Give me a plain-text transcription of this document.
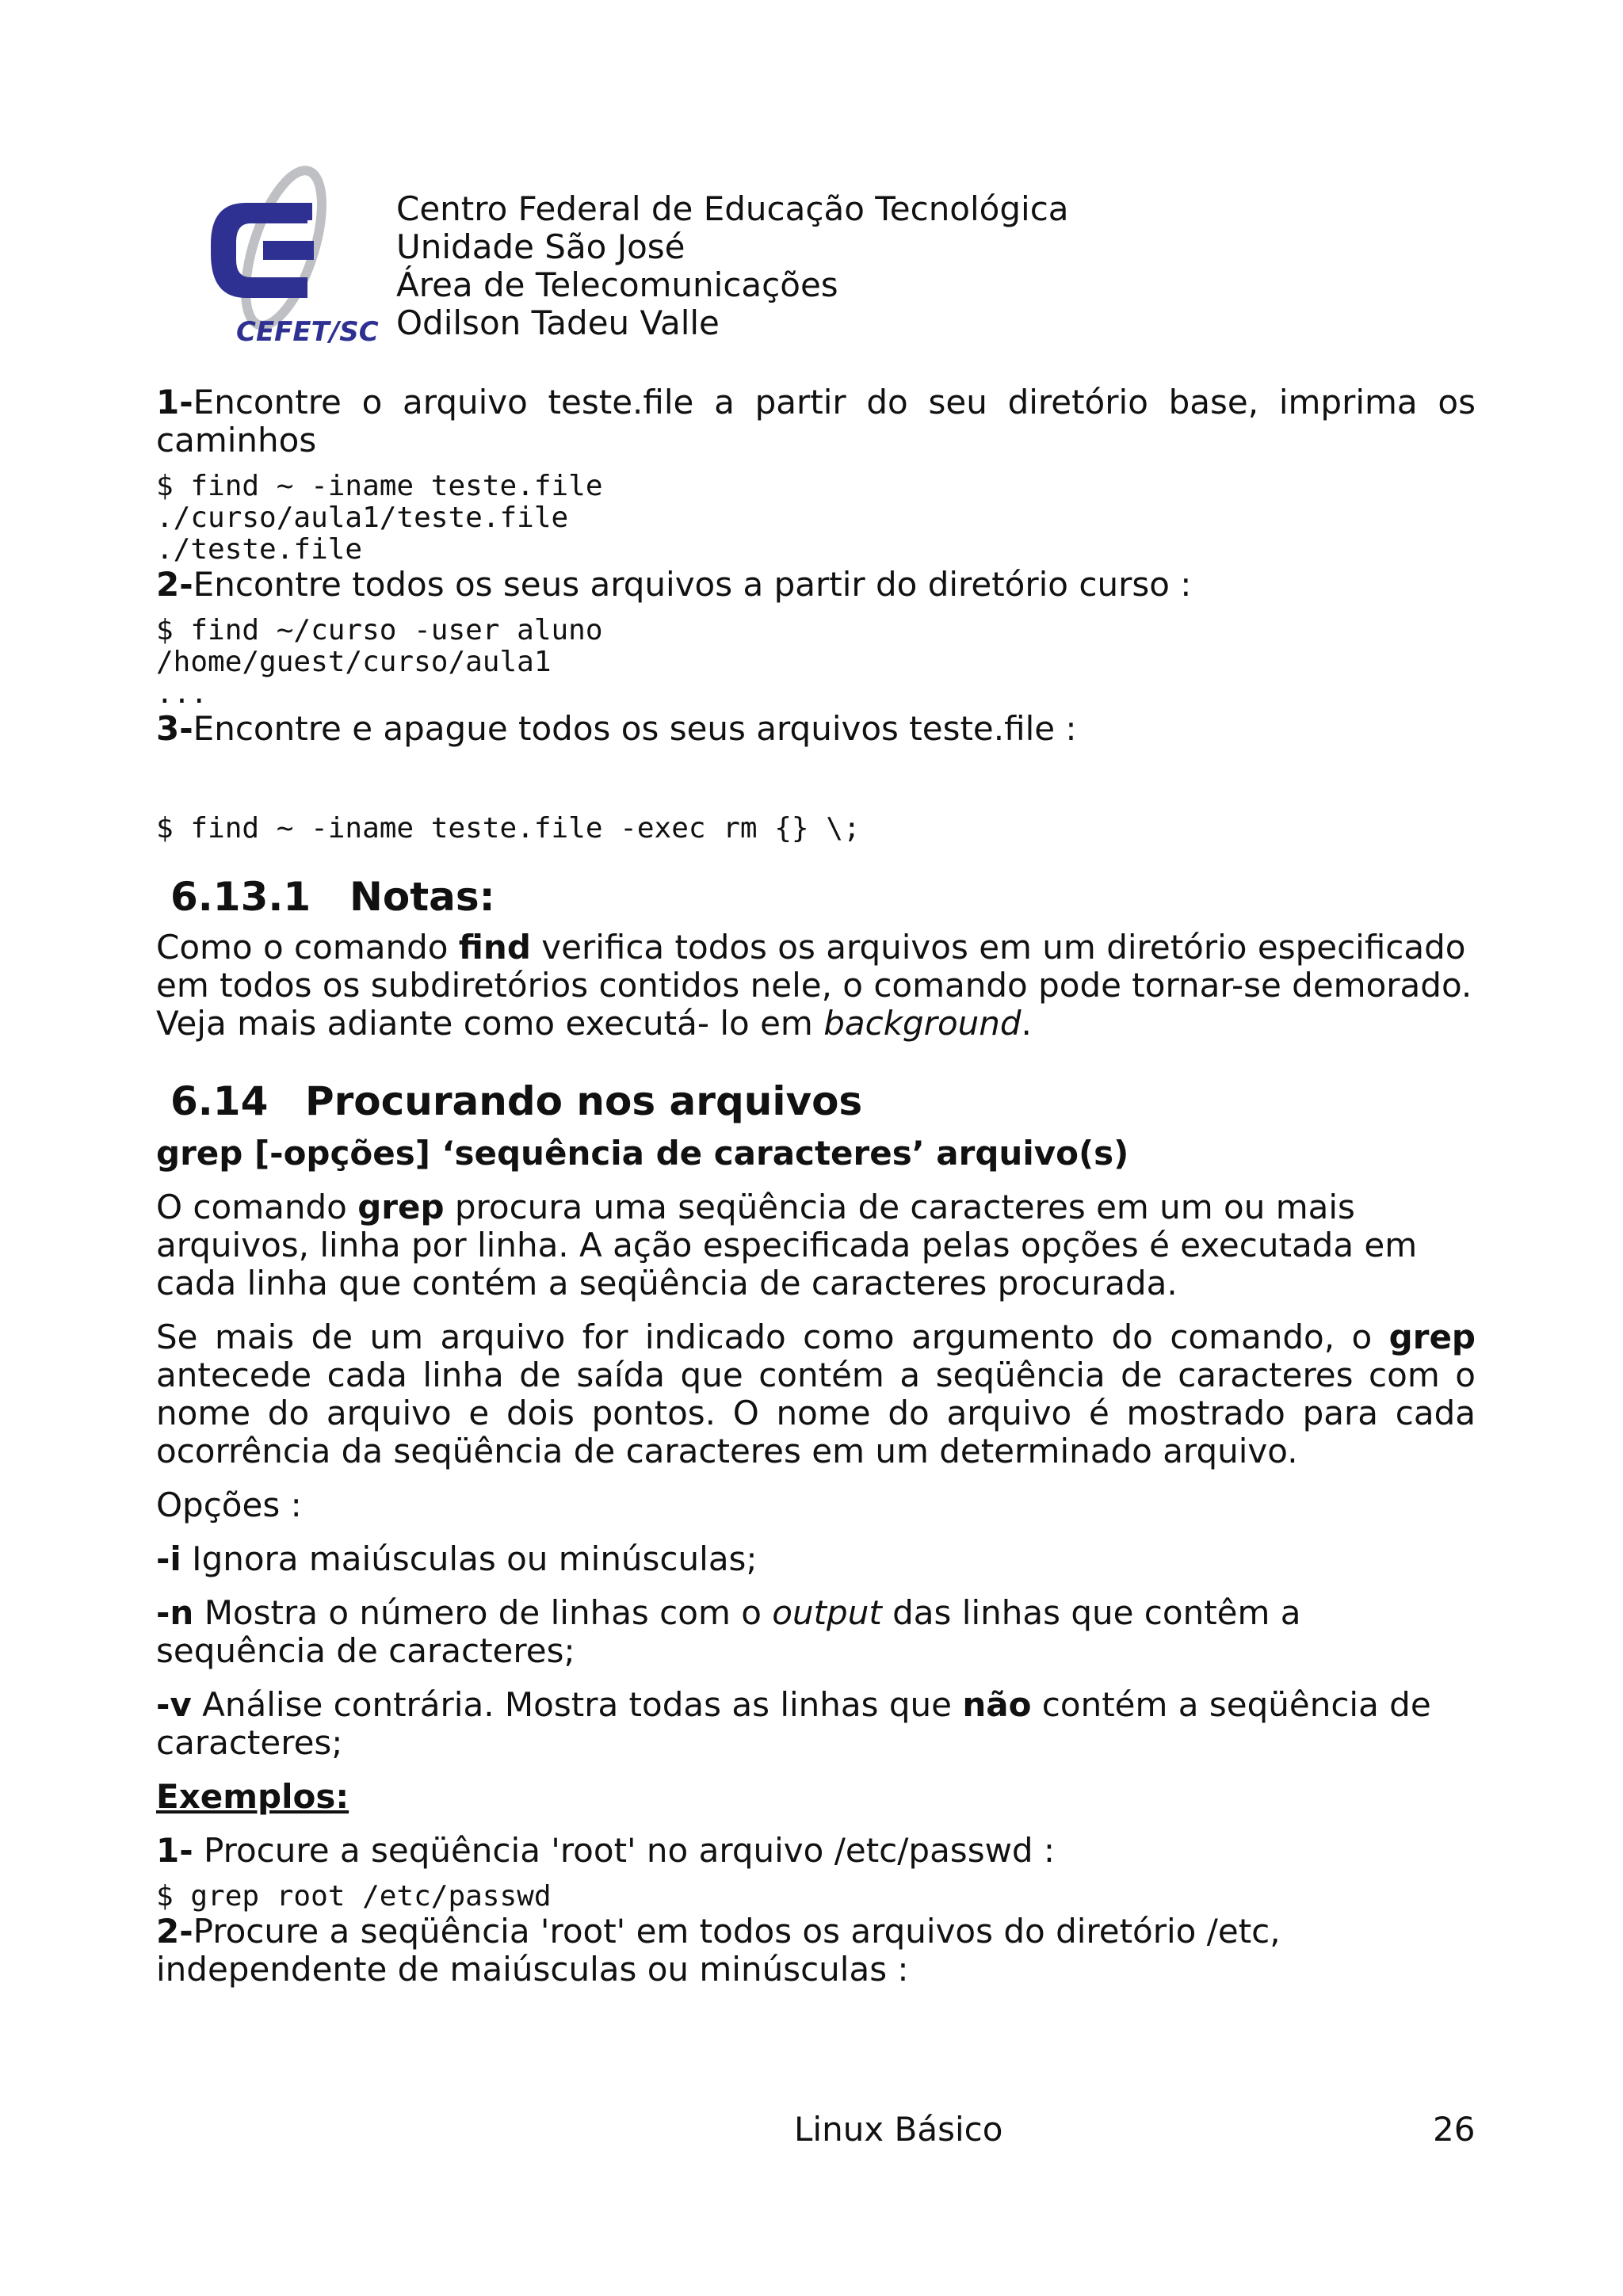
CEFET/SC
Centro Federal de Educação Tecnológica
Unidade São José
Área de Telecomunicações
Odilson Tadeu Valle

1-Encontre o arquivo teste.file a partir do seu diretório base, imprima os caminhos

$ find ~ -iname teste.file
./curso/aula1/teste.file
./teste.file

2-Encontre todos os seus arquivos a partir do diretório curso :

$ find ~/curso -user aluno
/home/guest/curso/aula1
...

3-Encontre e apague todos os seus arquivos teste.file :

$ find ~ -iname teste.file -exec rm {} \;
6.13.1 Notas:

Como o comando find verifica todos os arquivos em um diretório especificado em todos os subdiretórios contidos nele, o comando pode tornar-se demorado. Veja mais adiante como executá- lo em background.

6.14 Procurando nos arquivos

grep [-opções] ‘sequência de caracteres’ arquivo(s)

O comando grep procura uma seqüência de caracteres em um ou mais arquivos, linha por linha. A ação especificada pelas opções é executada em cada linha que contém a seqüência de caracteres procurada.

Se mais de um arquivo for indicado como argumento do comando, o grep antecede cada linha de saída que contém a seqüência de caracteres com o nome do arquivo e dois pontos. O nome do arquivo é mostrado para cada ocorrência da seqüência de caracteres em um determinado arquivo.

Opções :

-i Ignora maiúsculas ou minúsculas;

-n Mostra o número de linhas com o output das linhas que contêm a sequência de caracteres;

-v Análise contrária. Mostra todas as linhas que não contém a seqüência de caracteres;

Exemplos:

1- Procure a seqüência 'root' no arquivo /etc/passwd :

$ grep root /etc/passwd

2-Procure a seqüência 'root' em todos os arquivos do diretório /etc, independente de maiúsculas ou minúsculas :

Linux Básico	26
